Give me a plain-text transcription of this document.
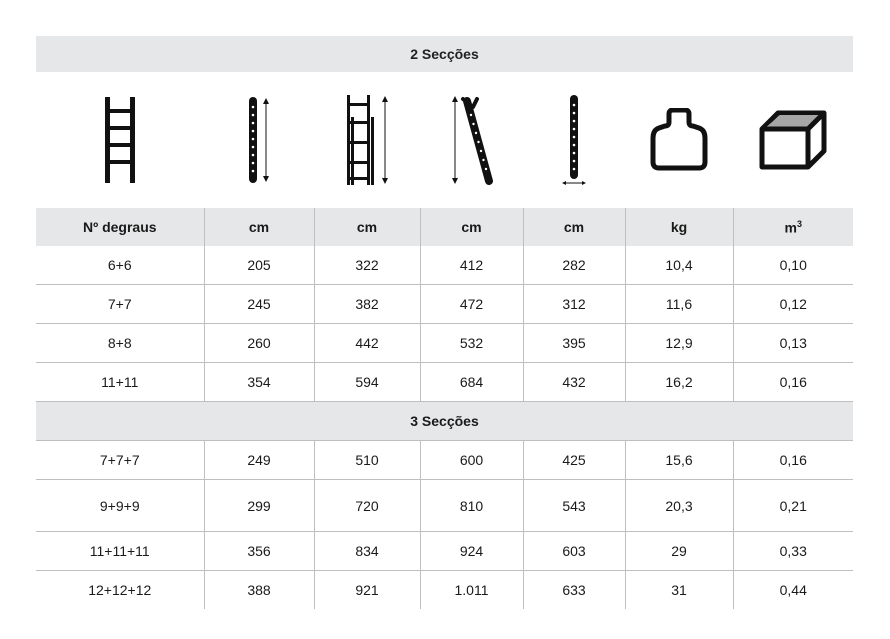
2 Secções
Nº degraus	cm	cm	cm	cm	kg	$m^3$
6+6	205	322	412	282	10,4	0,10
7+7	245	382	472	312	11,6	0,12
8+8	260	442	532	395	12,9	0,13
11+11	354	594	684	432	16,2	0,16
3 Secções						
7+7+7	249	510	600	425	15,6	0,16
9+9+9	299	720	810	543	20,3	0,21
11+11+11	356	834	924	603	29	0,33
12+12+12	388	921	1.011	633	31	0,44
